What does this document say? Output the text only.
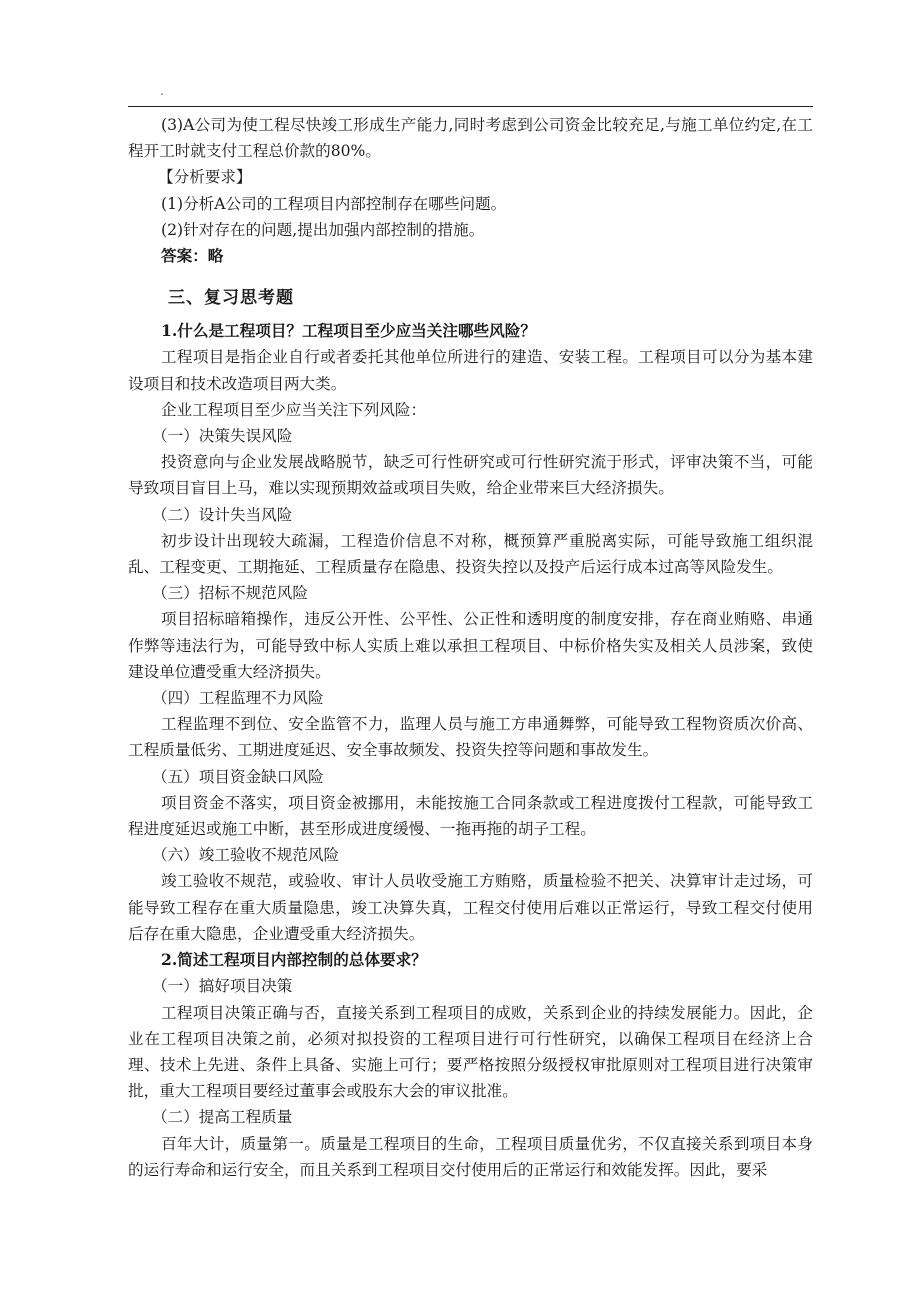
.

(3)A公司为使工程尽快竣工形成生产能力,同时考虑到公司资金比较充足,与施工单位约定,在工程开工时就支付工程总价款的80%。

【分析要求】

(1)分析A公司的工程项目内部控制存在哪些问题。

(2)针对存在的问题,提出加强内部控制的措施。

答案：略

三、复习思考题

1.什么是工程项目？工程项目至少应当关注哪些风险？

工程项目是指企业自行或者委托其他单位所进行的建造、安装工程。工程项目可以分为基本建设项目和技术改造项目两大类。

企业工程项目至少应当关注下列风险：

（一）决策失误风险

投资意向与企业发展战略脱节，缺乏可行性研究或可行性研究流于形式，评审决策不当，可能导致项目盲目上马，难以实现预期效益或项目失败，给企业带来巨大经济损失。

（二）设计失当风险

初步设计出现较大疏漏，工程造价信息不对称，概预算严重脱离实际，可能导致施工组织混乱、工程变更、工期拖延、工程质量存在隐患、投资失控以及投产后运行成本过高等风险发生。

（三）招标不规范风险

项目招标暗箱操作，违反公开性、公平性、公正性和透明度的制度安排，存在商业贿赂、串通作弊等违法行为，可能导致中标人实质上难以承担工程项目、中标价格失实及相关人员涉案，致使建设单位遭受重大经济损失。

（四）工程监理不力风险

工程监理不到位、安全监管不力，监理人员与施工方串通舞弊，可能导致工程物资质次价高、工程质量低劣、工期进度延迟、安全事故频发、投资失控等问题和事故发生。

（五）项目资金缺口风险

项目资金不落实，项目资金被挪用，未能按施工合同条款或工程进度拨付工程款，可能导致工程进度延迟或施工中断，甚至形成进度缓慢、一拖再拖的胡子工程。

（六）竣工验收不规范风险

竣工验收不规范，或验收、审计人员收受施工方贿赂，质量检验不把关、决算审计走过场，可能导致工程存在重大质量隐患，竣工决算失真，工程交付使用后难以正常运行，导致工程交付使用后存在重大隐患，企业遭受重大经济损失。

2.简述工程项目内部控制的总体要求？

（一）搞好项目决策

工程项目决策正确与否，直接关系到工程项目的成败，关系到企业的持续发展能力。因此，企业在工程项目决策之前，必须对拟投资的工程项目进行可行性研究，以确保工程项目在经济上合理、技术上先进、条件上具备、实施上可行；要严格按照分级授权审批原则对工程项目进行决策审批，重大工程项目要经过董事会或股东大会的审议批准。

（二）提高工程质量

百年大计，质量第一。质量是工程项目的生命，工程项目质量优劣，不仅直接关系到项目本身的运行寿命和运行安全，而且关系到工程项目交付使用后的正常运行和效能发挥。因此，要采
